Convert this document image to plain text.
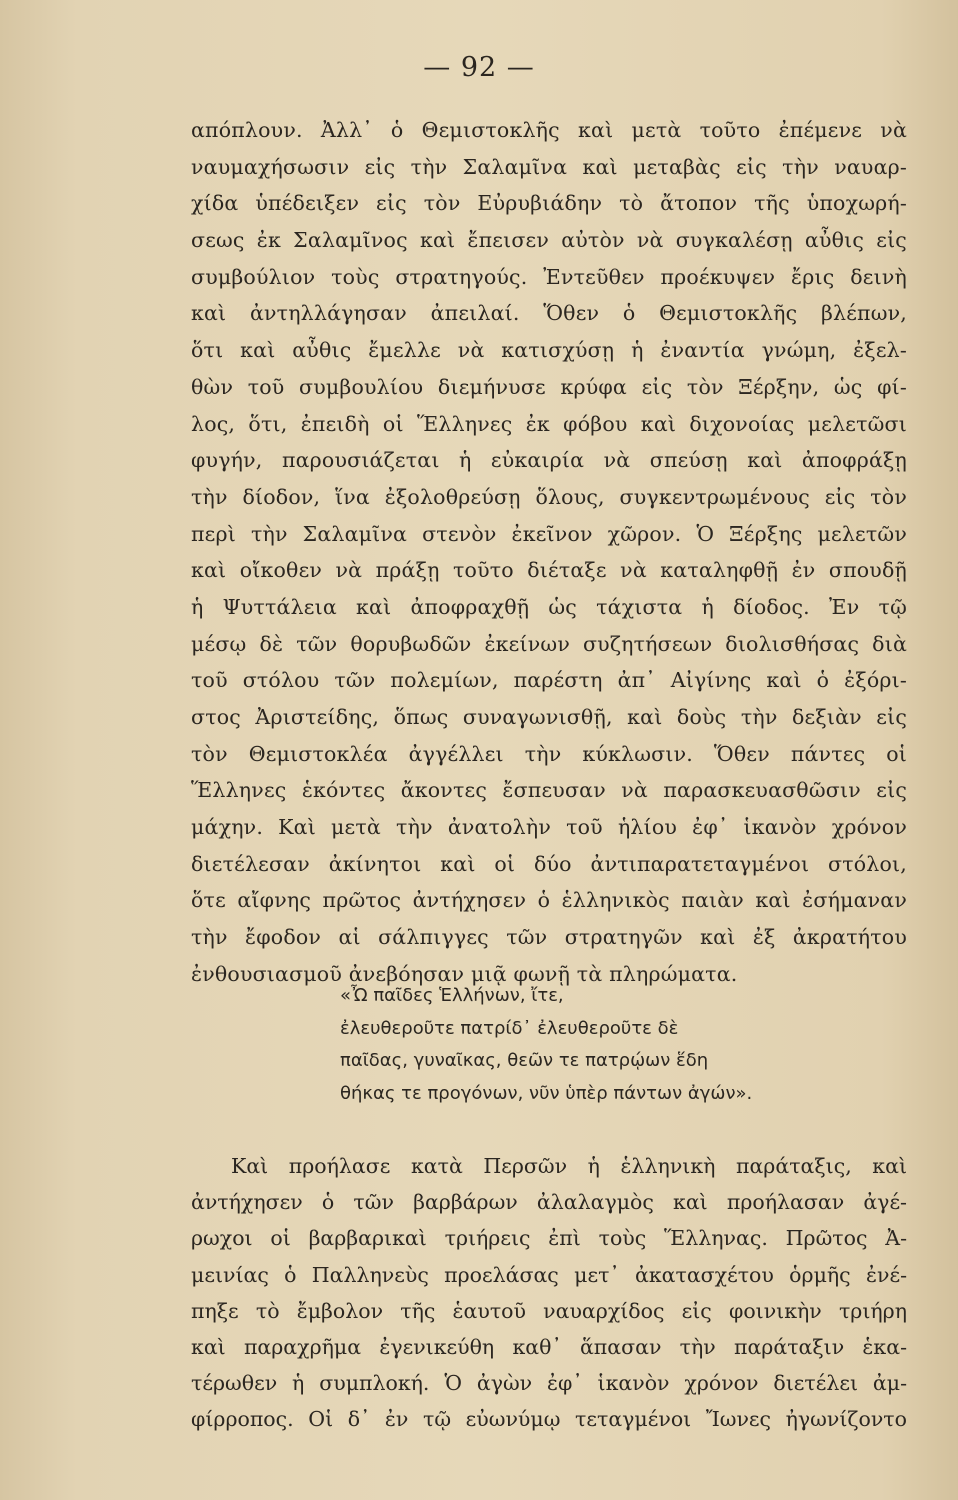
— 92 —
απόπλουν. Ἀλλ᾽ ὁ Θεμιστοκλῆς καὶ μετὰ τοῦτο ἐπέμενε νὰ
ναυμαχήσωσιν εἰς τὴν Σαλαμῖνα καὶ μεταβὰς εἰς τὴν ναυαρ-
χίδα ὑπέδειξεν εἰς τὸν Εὐρυβιάδην τὸ ἄτοπον τῆς ὑποχωρή-
σεως ἐκ Σαλαμῖνος καὶ ἔπεισεν αὐτὸν νὰ συγκαλέσῃ αὖθις εἰς
συμβούλιον τοὺς στρατηγούς. Ἐντεῦθεν προέκυψεν ἔρις δεινὴ
καὶ ἀντηλλάγησαν ἀπειλαί. Ὅθεν ὁ Θεμιστοκλῆς βλέπων,
ὅτι καὶ αὖθις ἔμελλε νὰ κατισχύσῃ ἡ ἐναντία γνώμη, ἐξελ-
θὼν τοῦ συμβουλίου διεμήνυσε κρύφα εἰς τὸν Ξέρξην, ὡς φί-
λος, ὅτι, ἐπειδὴ οἱ Ἕλληνες ἐκ φόβου καὶ διχονοίας μελετῶσι
φυγήν, παρουσιάζεται ἡ εὐκαιρία νὰ σπεύσῃ καὶ ἀποφράξῃ
τὴν δίοδον, ἵνα ἐξολοθρεύσῃ ὅλους, συγκεντρωμένους εἰς τὸν
περὶ τὴν Σαλαμῖνα στενὸν ἐκεῖνον χῶρον. Ὁ Ξέρξης μελετῶν
καὶ οἴκοθεν νὰ πράξῃ τοῦτο διέταξε νὰ καταληφθῇ ἐν σπουδῇ
ἡ Ψυττάλεια καὶ ἀποφραχθῇ ὡς τάχιστα ἡ δίοδος. Ἐν τῷ
μέσῳ δὲ τῶν θορυβωδῶν ἐκείνων συζητήσεων διολισθήσας διὰ
τοῦ στόλου τῶν πολεμίων, παρέστη ἀπ᾽ Αἰγίνης καὶ ὁ ἐξόρι-
στος Ἀριστείδης, ὅπως συναγωνισθῇ, καὶ δοὺς τὴν δεξιὰν εἰς
τὸν Θεμιστοκλέα ἀγγέλλει τὴν κύκλωσιν. Ὅθεν πάντες οἱ
Ἕλληνες ἑκόντες ἄκοντες ἔσπευσαν νὰ παρασκευασθῶσιν εἰς
μάχην. Καὶ μετὰ τὴν ἀνατολὴν τοῦ ἡλίου ἐφ᾽ ἱκανὸν χρόνον
διετέλεσαν ἀκίνητοι καὶ οἱ δύο ἀντιπαρατεταγμένοι στόλοι,
ὅτε αἴφνης πρῶτος ἀντήχησεν ὁ ἑλληνικὸς παιὰν καὶ ἐσήμαναν
τὴν ἔφοδον αἱ σάλπιγγες τῶν στρατηγῶν καὶ ἐξ ἀκρατήτου
ἐνθουσιασμοῦ ἀνεβόησαν μιᾷ φωνῇ τὰ πληρώματα.
«Ὦ παῖδες Ἑλλήνων, ἴτε,
ἐλευθεροῦτε πατρίδ᾽ ἐλευθεροῦτε δὲ
παῖδας, γυναῖκας, θεῶν τε πατρῴων ἕδη
θήκας τε προγόνων, νῦν ὑπὲρ πάντων ἀγών».
Καὶ προήλασε κατὰ Περσῶν ἡ ἑλληνικὴ παράταξις, καὶ
ἀντήχησεν ὁ τῶν βαρβάρων ἀλαλαγμὸς καὶ προήλασαν ἀγέ-
ρωχοι οἱ βαρβαρικαὶ τριήρεις ἐπὶ τοὺς Ἕλληνας. Πρῶτος Ἀ-
μεινίας ὁ Παλληνεὺς προελάσας μετ᾽ ἀκατασχέτου ὁρμῆς ἐνέ-
πηξε τὸ ἔμβολον τῆς ἑαυτοῦ ναυαρχίδος εἰς φοινικὴν τριήρη
καὶ παραχρῆμα ἐγενικεύθη καθ᾽ ἅπασαν τὴν παράταξιν ἑκα-
τέρωθεν ἡ συμπλοκή. Ὁ ἀγὼν ἐφ᾽ ἱκανὸν χρόνον διετέλει ἀμ-
φίρροπος. Οἱ δ᾽ ἐν τῷ εὐωνύμῳ τεταγμένοι Ἴωνες ἠγωνίζοντο
